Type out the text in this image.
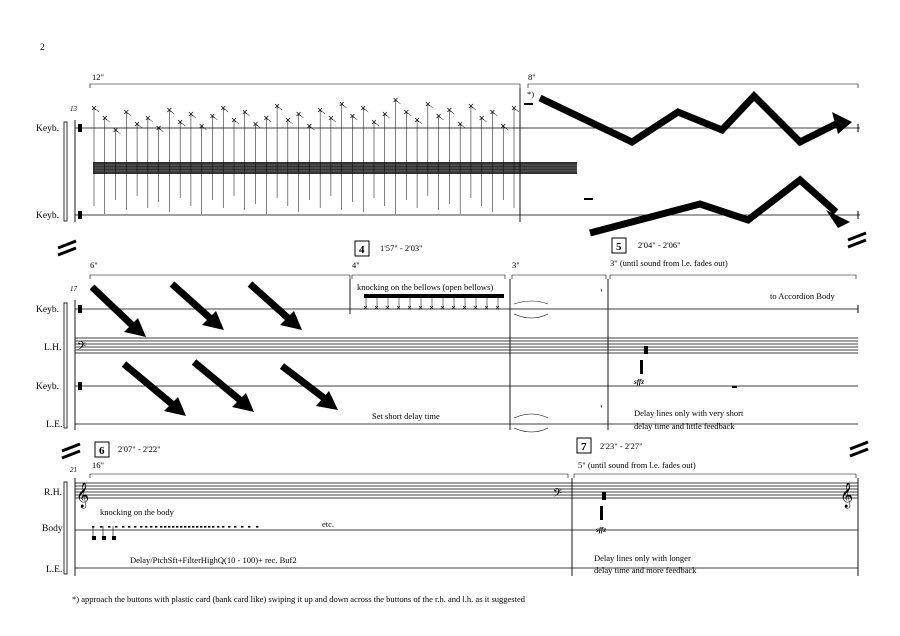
2
13
12"	8"
*)
Keyb.
Keyb.
4 1'57" - 2'03"	5 2'04" - 2'06"
6"	4"	3"	3" (until sound from l.e. fades out)
17
Keyb.
L.H.
Keyb.
L.E.
𝄢
knocking on the bellows (open bellows)
'
'
to Accordion Body
sffz
Set short delay time	Delay lines only with very short
delay time and little feedback
6 2'07" - 2'22"	7 2'23" - 2'27"
21 16"	5" (until sound from l.e. fades out)
R.H.
Body
L.E.
𝄞	𝄢	𝄞
knocking on the body
etc.
Delay/PtchSft+FilterHighQ(10 - 100)+ rec. Buf2
sffz
Delay lines only with longer
delay time and more feedback
*) approach the buttons with plastic card (bank card like) swiping it up and down across the buttons of the r.h. and l.h. as it suggested
